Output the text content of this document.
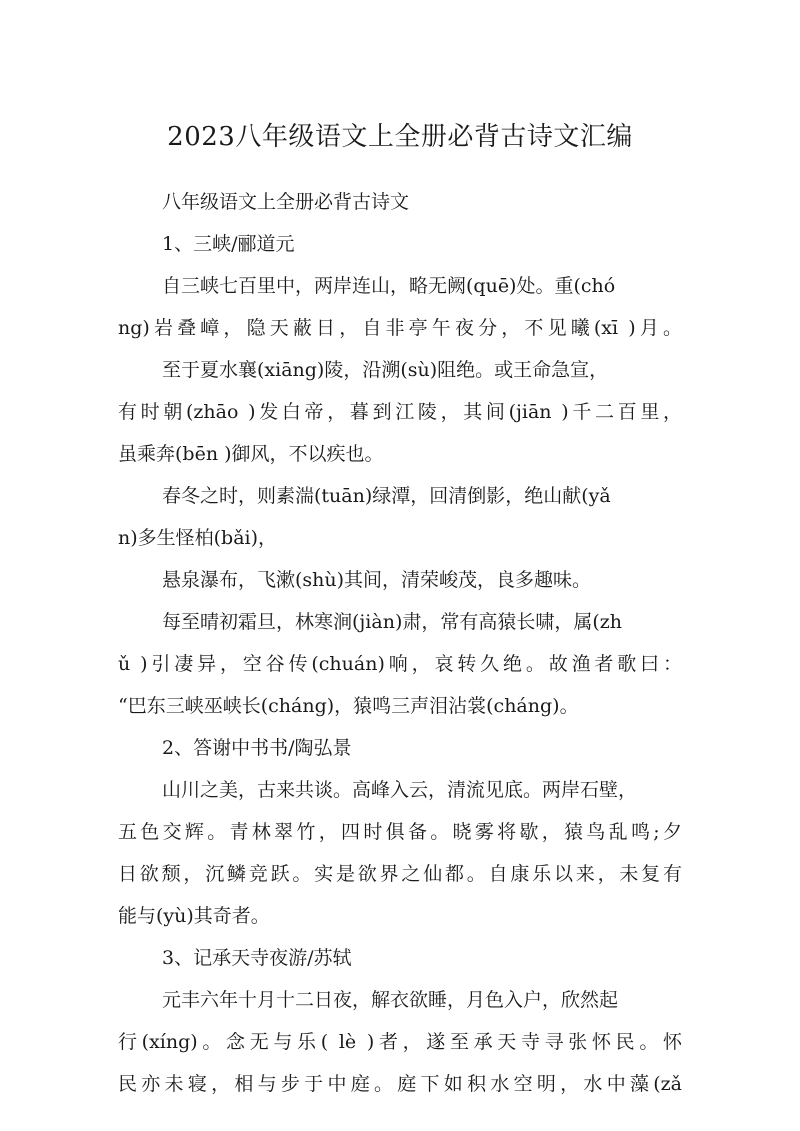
2023八年级语文上全册必背古诗文汇编
八年级语文上全册必背古诗文
1、三峡/郦道元
自三峡七百里中，两岸连山，略无阙(quē)处。重(chó
ng)岩叠嶂，隐天蔽日，自非亭午夜分，不见曦(xī )月。
至于夏水襄(xiāng)陵，沿溯(sù)阻绝。或王命急宣，
有时朝(zhāo )发白帝，暮到江陵，其间(jiān )千二百里，
虽乘奔(bēn )御风，不以疾也。
春冬之时，则素湍(tuān)绿潭，回清倒影，绝山献(yǎ
n)多生怪柏(bǎi)，
悬泉瀑布，飞漱(shù)其间，清荣峻茂，良多趣味。
每至晴初霜旦，林寒涧(jiàn)肃，常有高猿长啸，属(zh
ǔ )引凄异，空谷传(chuán)响，哀转久绝。故渔者歌曰：
“巴东三峡巫峡长(cháng)，猿鸣三声泪沾裳(cháng)。
2、答谢中书书/陶弘景
山川之美，古来共谈。高峰入云，清流见底。两岸石壁，
五色交辉。青林翠竹，四时俱备。晓雾将歇，猿鸟乱鸣;夕
日欲颓，沉鳞竞跃。实是欲界之仙都。自康乐以来，未复有
能与(yù)其奇者。
3、记承天寺夜游/苏轼
元丰六年十月十二日夜，解衣欲睡，月色入户，欣然起
行(xíng)。念无与乐( lè )者，遂至承天寺寻张怀民。怀
民亦未寝，相与步于中庭。庭下如积水空明，水中藻(zǎ
